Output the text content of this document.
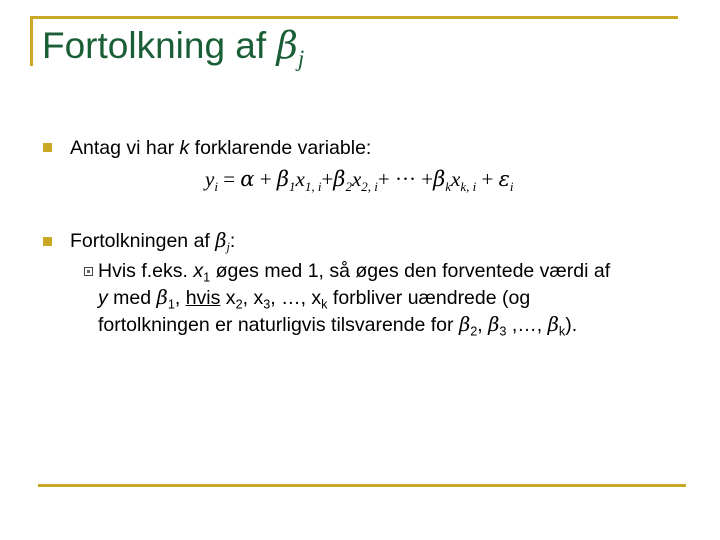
Fortolkning af $\beta_j$
Antag vi har k forklarende variable:
$y_i = \alpha + \beta_1x_{1, i}+\beta_2x_{2, i}+$ ··· $+\beta_kx_{k, i} + \varepsilon_i$
Fortolkningen af $\beta_j$:
Hvis f.eks. $x_1$ øges med 1, så øges den forventede værdi af
y med $\beta_1$, hvis $x_2$, $x_3$, …, $x_k$ forbliver uændrede (og
fortolkningen er naturligvis tilsvarende for $\beta_2$, $\beta_3$ ,…, $\beta_k$).
